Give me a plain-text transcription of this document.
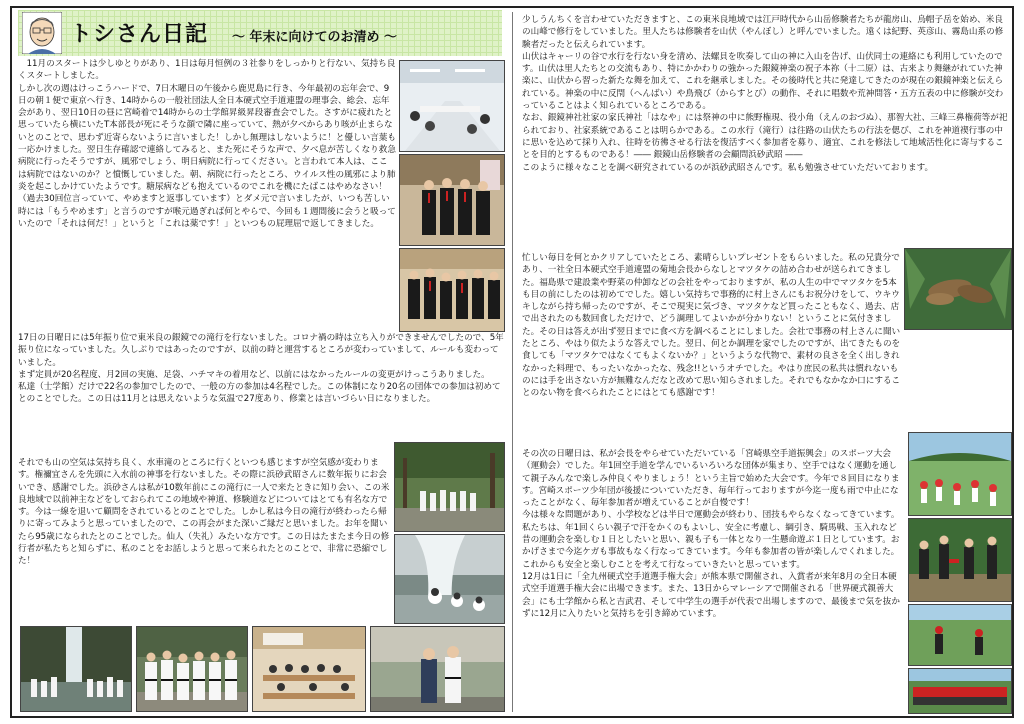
トシさん日記 ～ 年末に向けてのお清め ～

11月のスタートは少しゆとりがあり、1日は毎月恒例の３社参りをしっかりと行ない、気持ち良くスタートしました。

しかし次の週はけっこうハードで、7日木曜日の午後から鹿児島に行き、今年最初の忘年会で、9日の朝１便で東京へ行き、14時からの一般社団法人全日本硬式空手道連盟の理事会、総会、忘年会があり、翌日10日の昼に宮崎着で14時からの士学館昇級昇段審査会でした。さすがに疲れたと思っていたら横にいたT本部長が死にそうな顔で隣に座っていて、熱が夕べからあり咳が止まらないとのことで、思わず近寄らないように言いました！しかし無理はしないように！と優しい言葉も一応かけました。翌日生存確認で連絡してみると、また死にそうな声で、夕べ息が苦しくなり救急病院に行ったそうですが、風邪でしょう、明日病院に行ってください。と言われて本人は、ここは病院ではないのか？と憤慨していました。朝、病院に行ったところ、ウイルス性の風邪により肺炎を起こしかけていたようです。糖尿病なども抱えているのでこれを機にたばこはやめなさい！

（過去30回位言っていて、やめますと返事しています）とダメ元で言いましたが、いつも苦しい時には「もうやめます」と言うのですが喉元過ぎれば何とやらで、今回も１週間後に会うと吸っていたので「それは何だ！」というと「これは薬です！」といつもの屁理屈で返してきました。

17日の日曜日には5年振り位で東米良の銀鏡での滝行を行ないました。コロナ禍の時は立ち入りができませんでしたので、5年振り位になっていました。久しぶりではあったのですが、以前の時と運営するところが変わっていまして、ルールも変わっていました。

まず定員が20名程度、月2回の実施、足袋、ハチマキの着用など、以前にはなかったルールの変更がけっこうありました。

私達（士学館）だけで22名の参加でしたので、一般の方の参加は4名程でした。この体制になり20名の団体での参加は初めてとのことでした。この日は11月とは思えないような気温で27度あり、修業とは言いづらい日になりました。

それでも山の空気は気持ち良く、水車滝のところに行くといつも感じますが空気感が変わります。権禰宜さんを先頭に入水前の神事を行ないました。その際に浜砂武昭さんに数年振りにお会いでき、感謝でした。浜砂さんは私が10数年前にこの滝行に一人で来たときに知り会い、この米良地域で以前神主などをしておられてこの地域や神道、修験道などについてはとても有名な方です。今は一線を退いて顧問をされているとのことでした。しかし私は今日の滝行が終わったら帰りに寄ってみようと思っていましたので、この再会がまた深いご縁だと思いました。お年を聞いたら95歳になられたとのことでした。仙人（失礼）みたいな方です。この日はたまたま今日の修行者が私たちと知らずに、私のことをお話しようと思って来られたとのことで、非常に恐縮でした！

少しうんちくを言わせていただきますと、この東米良地域では江戸時代から山岳修験者たちが龍房山、烏帽子岳を始め、米良の山峰で修行をしていました。里人たちは修験者を山伏（やんぼし）と呼んでいました。遠くは紀野、英彦山、霧島山系の修験者だったと伝えられています。

山伏はキャーリの谷で水行を行ない身を清め、法螺貝を吹奏して山の神に入山を告げ、山伏同士の連絡にも利用していたのです。山伏は里人たちとの交流もあり、特にかかわりの強かった銀鏡神楽の祝子本祢（十二原）は、古来より舞継がれていた神楽に、山伏から習った新たな舞を加えて、これを継承しました。その後時代と共に発達してきたのが現在の銀鏡神楽と伝えられている。神楽の中に反閇（へんばい）や鳥飛び（からすとび）の動作、それに唱数や荒神問答・五方五表の中に修験が交わっていることはよく知られているところである。

なお、銀鏡神社社家の家氏神社「はなや」には祭神の中に熊野権現、役小角（えんのおづぬ）、那智大社、三峰三鼻権荷等が祀られており、社家系統であることは明らかである。この水行（滝行）は往路の山伏たちの行法を偲び、これを神道禊行事の中に思いを込めて採り入れ、往時を彷彿させる行法を復活すべく参加者を募り、適宜、これを修法して地域活性化に寄与することを目的とするものである！―― 銀鏡山岳修験者の会顧問浜砂武昭 ――

このように様々なことを調べ研究されているのが浜砂武昭さんです。私も勉強させていただいております。

忙しい毎日を何とかクリアしていたところ、素晴らしいプレゼントをもらいました。私の兄貴分であり、一社全日本硬式空手道連盟の菊地会長からなしとマツタケの詰め合わせが送られてきました。福島県で建設業や野菜の仲卸などの会社をやっておりますが、私の人生の中でマツタケを5本も目の前にしたのは初めてでした。嬉しい気持ちで事務的に村上さんにもお祝分けをして、ウキウキしながら持ち帰ったのですが、そこで現実に気づき、マツタケなど買ったこともなく、過去、店で出されたのも数回食しただけで、どう調理してよいかが分かりない！ということに気付きました。その日は答えが出ず翌日までに食べ方を調べることにしました。会社で事務の村上さんに聞いたところ、やはり似たような答えでした。翌日、何とか調理を家でしたのですが、出てきたものを食しても「マツタケではなくてもよくないか？」というような代物で、素材の良さを全く出しきれなかった料理で、もったいなかったな、残念!!というオチでした。やはり庶民の私共は慣れないものには手を出さない方が無難なんだなと改めて思い知らされました。それでもなかなか口にすることのない物を食べられたことにはとても感謝です！

その次の日曜日は、私が会長をやらせていただいている「宮崎県空手道振興会」のスポーツ大会（運動会）でした。年1回空手道を学んでいるいろいろな団体が集まり、空手ではなく運動を通して親子みんなで楽しみ仲良くやりましょう！という主旨で始めた大会です。今年で８回目になります。宮崎スポーツ少年団が後援についていただき、毎年行っておりますが今迄一度も雨で中止になったことがなく、毎年参加者が増えていることが自慢です！

今は様々な問題があり、小学校などは半日で運動会が終わり、団技もやらなくなってきています。私たちは、年1回くらい親子で汗をかくのもよいし、安全に考慮し、綱引き、騎馬戦、玉入れなど昔の運動会を楽しむ１日としたいと思い、親も子も一体となり一生懸命遊ぶ１日としています。おかげさまで今迄ケガも事故もなく行なってきています。今年も参加者の皆が楽しんでくれました。これからも安全と楽しむことを考えて行なっていきたいと思っています。

12月は1日に「全九州硬式空手道選手権大会」が熊本県で開催され、入賞者が来年8月の全日本硬式空手道選手権大会に出場できます。また、13日からマレーシアで開催される「世界硬式親善大会」にも士学館から私と吉武君、そして中学生の選手が代表で出場しますので、最後まで気を抜かずに12月に入りたいと気持ちを引き締めています。
